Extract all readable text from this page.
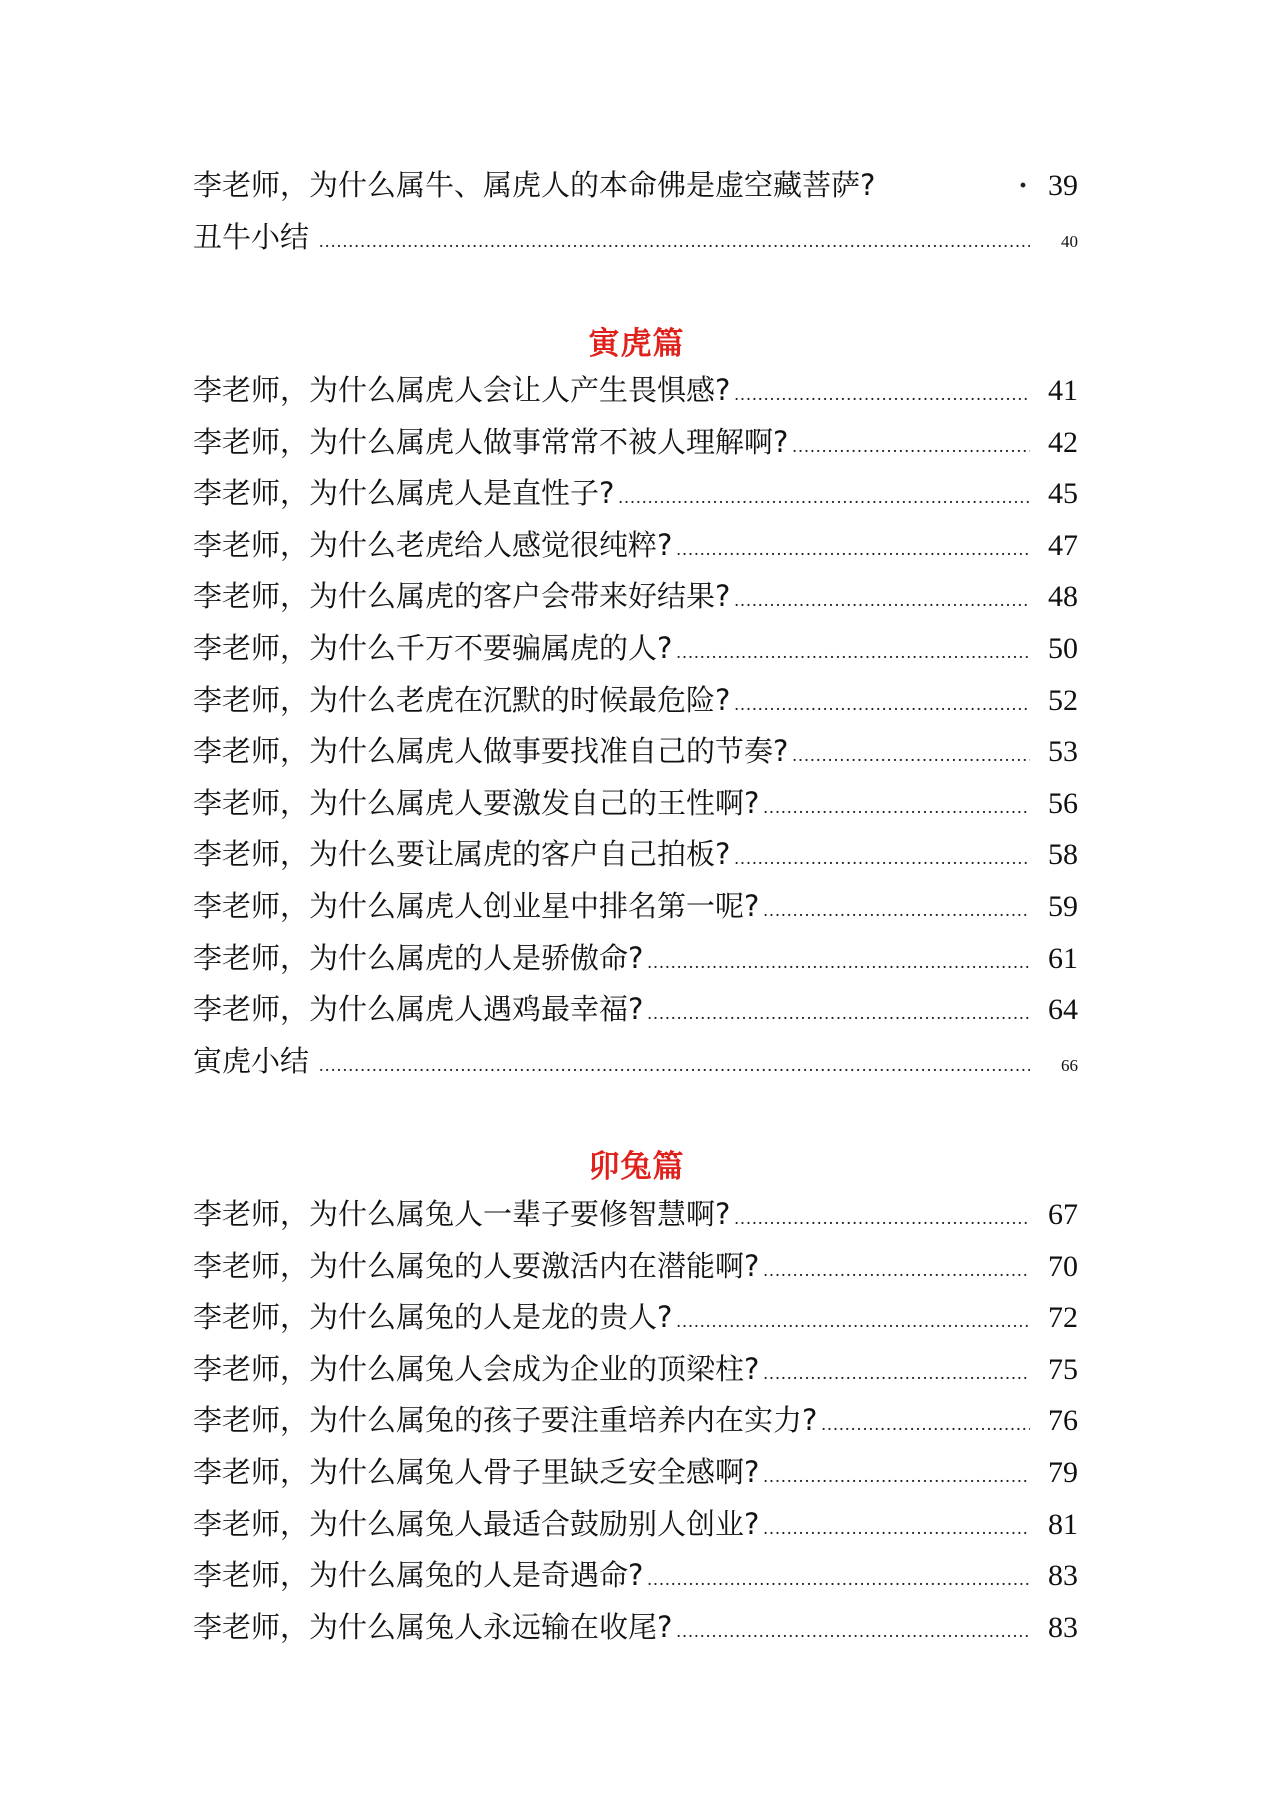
李老师，为什么属牛、属虎人的本命佛是虚空藏菩萨? ·	39
丑牛小结 .....	40
寅虎篇
李老师，为什么属虎人会让人产生畏惧感? .....	41
李老师，为什么属虎人做事常常不被人理解啊? .....	42
李老师，为什么属虎人是直性子? .....	45
李老师，为什么老虎给人感觉很纯粹? .....	47
李老师，为什么属虎的客户会带来好结果? .....	48
李老师，为什么千万不要骗属虎的人? .....	50
李老师，为什么老虎在沉默的时候最危险? .....	52
李老师，为什么属虎人做事要找准自己的节奏? .....	53
李老师，为什么属虎人要激发自己的王性啊? .....	56
李老师，为什么要让属虎的客户自己拍板? .....	58
李老师，为什么属虎人创业星中排名第一呢? .....	59
李老师，为什么属虎的人是骄傲命? .....	61
李老师，为什么属虎人遇鸡最幸福? .....	64
寅虎小结 .....	66
卯兔篇
李老师，为什么属兔人一辈子要修智慧啊? .....	67
李老师，为什么属兔的人要激活内在潜能啊? .....	70
李老师，为什么属兔的人是龙的贵人? .....	72
李老师，为什么属兔人会成为企业的顶梁柱? .....	75
李老师，为什么属兔的孩子要注重培养内在实力? .....	76
李老师，为什么属兔人骨子里缺乏安全感啊? .....	79
李老师，为什么属兔人最适合鼓励别人创业? .....	81
李老师，为什么属兔的人是奇遇命? .....	83
李老师，为什么属兔人永远输在收尾? .....	83
